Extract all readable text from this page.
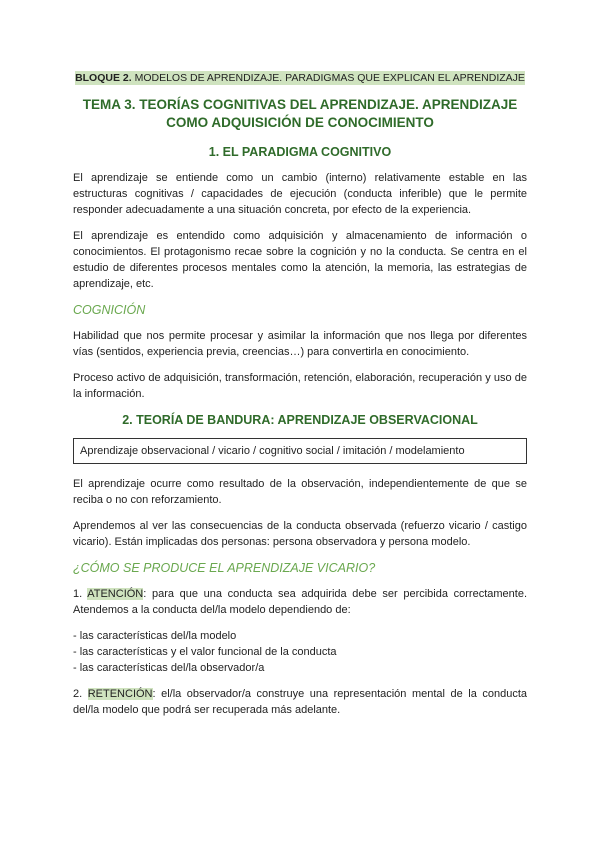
BLOQUE 2. MODELOS DE APRENDIZAJE. PARADIGMAS QUE EXPLICAN EL APRENDIZAJE
TEMA 3. TEORÍAS COGNITIVAS DEL APRENDIZAJE. APRENDIZAJE
COMO ADQUISICIÓN DE CONOCIMIENTO
1. EL PARADIGMA COGNITIVO

El aprendizaje se entiende como un cambio (interno) relativamente estable en las estructuras cognitivas / capacidades de ejecución (conducta inferible) que le permite responder adecuadamente a una situación concreta, por efecto de la experiencia.

El aprendizaje es entendido como adquisición y almacenamiento de información o conocimientos. El protagonismo recae sobre la cognición y no la conducta. Se centra en el estudio de diferentes procesos mentales como la atención, la memoria, las estrategias de aprendizaje, etc.

COGNICIÓN

Habilidad que nos permite procesar y asimilar la información que nos llega por diferentes vías (sentidos, experiencia previa, creencias…) para convertirla en conocimiento.

Proceso activo de adquisición, transformación, retención, elaboración, recuperación y uso de la información.

2. TEORÍA DE BANDURA: APRENDIZAJE OBSERVACIONAL
Aprendizaje observacional / vicario / cognitivo social / imitación / modelamiento

El aprendizaje ocurre como resultado de la observación, independientemente de que se reciba o no con reforzamiento.

Aprendemos al ver las consecuencias de la conducta observada (refuerzo vicario / castigo vicario). Están implicadas dos personas: persona observadora y persona modelo.

¿CÓMO SE PRODUCE EL APRENDIZAJE VICARIO?

1. ATENCIÓN: para que una conducta sea adquirida debe ser percibida correctamente. Atendemos a la conducta del/la modelo dependiendo de:

- las características del/la modelo
- las características y el valor funcional de la conducta
- las características del/la observador/a

2. RETENCIÓN: el/la observador/a construye una representación mental de la conducta del/la modelo que podrá ser recuperada más adelante.
